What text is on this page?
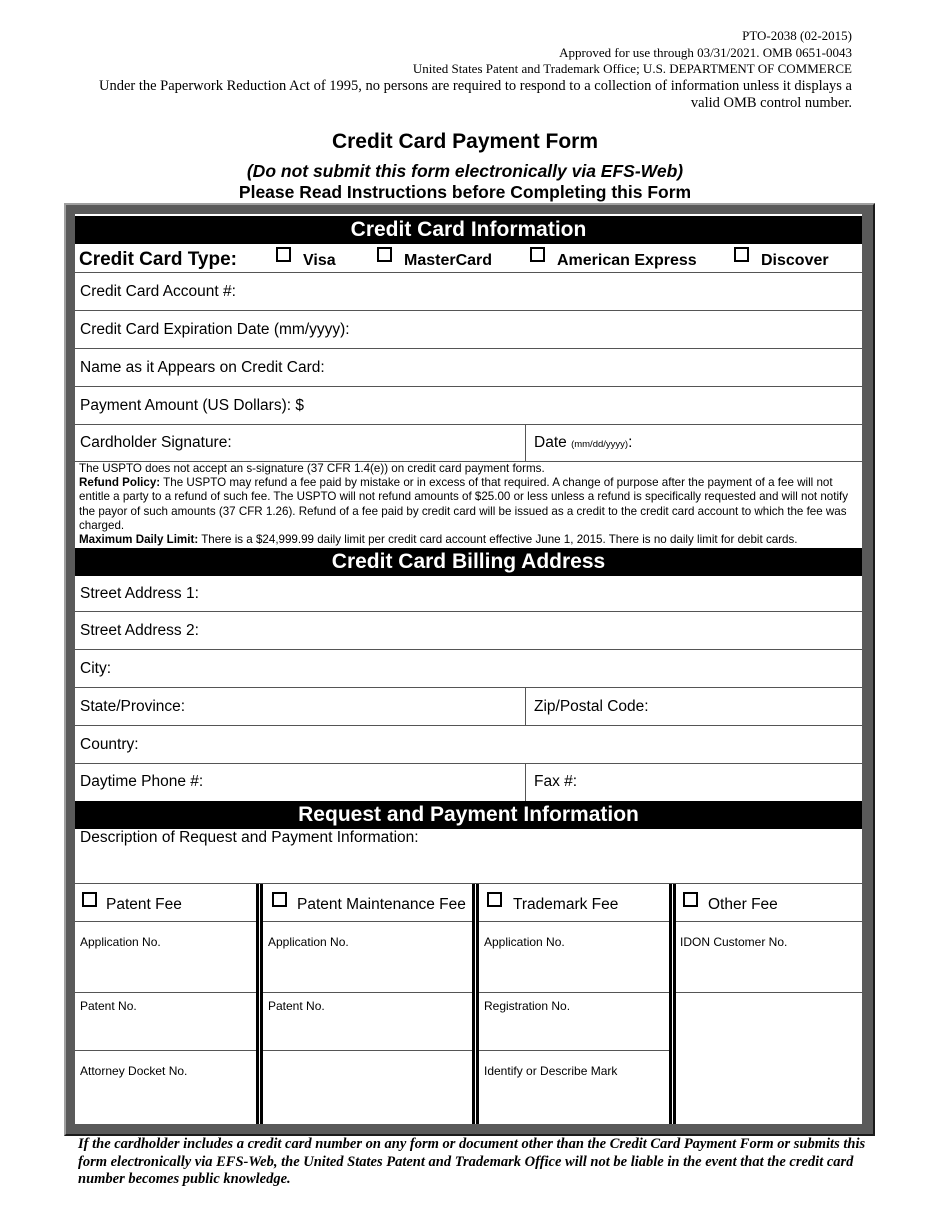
PTO-2038 (02-2015)
Approved for use through 03/31/2021. OMB 0651-0043
United States Patent and Trademark Office; U.S. DEPARTMENT OF COMMERCE
Under the Paperwork Reduction Act of 1995, no persons are required to respond to a collection of information unless it displays a valid OMB control number.
Credit Card Payment Form
(Do not submit this form electronically via EFS-Web)
Please Read Instructions before Completing this Form
Credit Card Information
Credit Card Type:	Visa	MasterCard	American Express	Discover
Credit Card Account #:
Credit Card Expiration Date (mm/yyyy):
Name as it Appears on Credit Card:
Payment Amount (US Dollars): $
Cardholder Signature:	Date (mm/dd/yyyy):
The USPTO does not accept an s-signature (37 CFR 1.4(e)) on credit card payment forms.
Refund Policy: The USPTO may refund a fee paid by mistake or in excess of that required. A change of purpose after the payment of a fee will not entitle a party to a refund of such fee. The USPTO will not refund amounts of $25.00 or less unless a refund is specifically requested and will not notify the payor of such amounts (37 CFR 1.26). Refund of a fee paid by credit card will be issued as a credit to the credit card account to which the fee was charged.
Maximum Daily Limit: There is a $24,999.99 daily limit per credit card account effective June 1, 2015. There is no daily limit for debit cards.
Credit Card Billing Address
Street Address 1:
Street Address 2:
City:
State/Province:	Zip/Postal Code:
Country:
Daytime Phone #:	Fax #:
Request and Payment Information
Description of Request and Payment Information:
Patent Fee
Application No.
Patent No.
Attorney Docket No.
Patent Maintenance Fee
Application No.
Patent No.
Trademark Fee
Application No.
Registration No.
Identify or Describe Mark
Other Fee
IDON Customer No.
If the cardholder includes a credit card number on any form or document other than the Credit Card Payment Form or submits this form electronically via EFS-Web, the United States Patent and Trademark Office will not be liable in the event that the credit card number becomes public knowledge.
